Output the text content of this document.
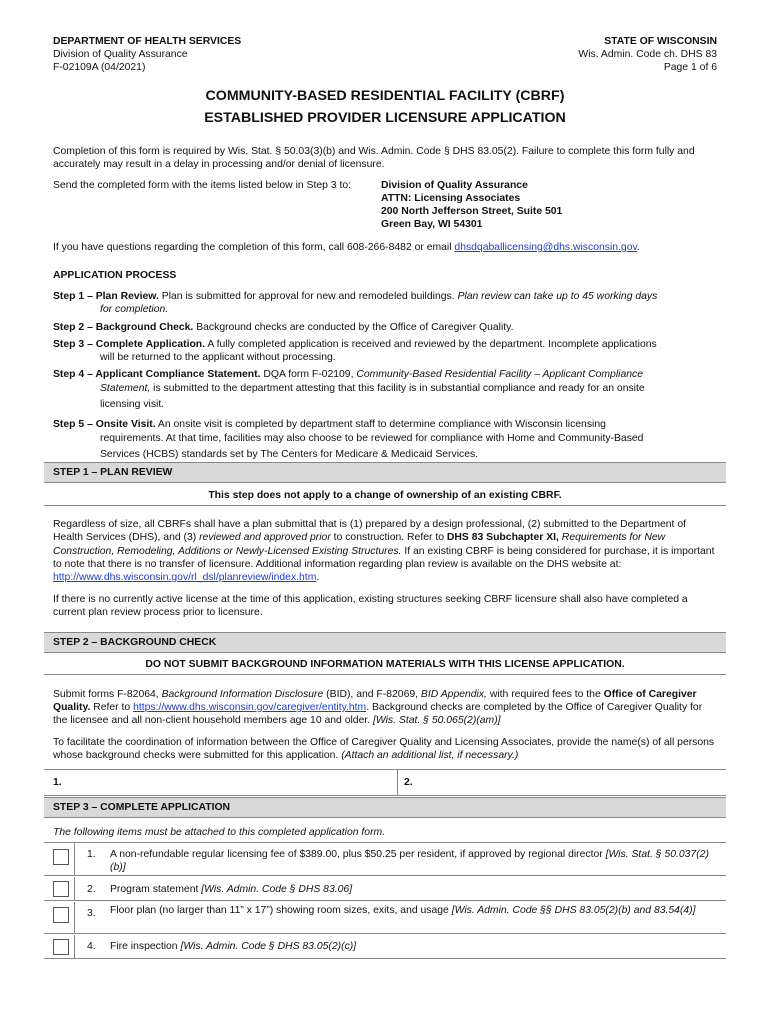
DEPARTMENT OF HEALTH SERVICES
Division of Quality Assurance
F-02109A (04/2021)
STATE OF WISCONSIN
Wis. Admin. Code ch. DHS 83
Page 1 of 6
COMMUNITY-BASED RESIDENTIAL FACILITY (CBRF)
ESTABLISHED PROVIDER LICENSURE APPLICATION
Completion of this form is required by Wis. Stat. § 50.03(3)(b) and Wis. Admin. Code § DHS 83.05(2). Failure to complete this form fully and accurately may result in a delay in processing and/or denial of licensure.
Send the completed form with the items listed below in Step 3 to:	Division of Quality Assurance
ATTN: Licensing Associates
200 North Jefferson Street, Suite 501
Green Bay, WI 54301
If you have questions regarding the completion of this form, call 608-266-8482 or email dhsdqaballicensing@dhs.wisconsin.gov.
APPLICATION PROCESS
Step 1 – Plan Review. Plan is submitted for approval for new and remodeled buildings. Plan review can take up to 45 working days
for completion.
Step 2 – Background Check. Background checks are conducted by the Office of Caregiver Quality.
Step 3 – Complete Application. A fully completed application is received and reviewed by the department. Incomplete applications
will be returned to the applicant without processing.
Step 4 – Applicant Compliance Statement. DQA form F-02109, Community-Based Residential Facility – Applicant Compliance
Statement, is submitted to the department attesting that this facility is in substantial compliance and ready for an onsite
licensing visit.
Step 5 – Onsite Visit. An onsite visit is completed by department staff to determine compliance with Wisconsin licensing
requirements. At that time, facilities may also choose to be reviewed for compliance with Home and Community-Based
Services (HCBS) standards set by The Centers for Medicare & Medicaid Services.
STEP 1 – PLAN REVIEW
This step does not apply to a change of ownership of an existing CBRF.
Regardless of size, all CBRFs shall have a plan submittal that is (1) prepared by a design professional, (2) submitted to the Department of Health Services (DHS), and (3) reviewed and approved prior to construction. Refer to DHS 83 Subchapter XI, Requirements for New Construction, Remodeling, Additions or Newly-Licensed Existing Structures. If an existing CBRF is being considered for purchase, it is important to note that there is no transfer of licensure. Additional information regarding plan review is available on the DHS website at: http://www.dhs.wisconsin.gov/rl_dsl/planreview/index.htm.
If there is no currently active license at the time of this application, existing structures seeking CBRF licensure shall also have completed a current plan review process prior to licensure.
STEP 2 – BACKGROUND CHECK
DO NOT SUBMIT BACKGROUND INFORMATION MATERIALS WITH THIS LICENSE APPLICATION.
Submit forms F-82064, Background Information Disclosure (BID), and F-82069, BID Appendix, with required fees to the Office of Caregiver Quality. Refer to https://www.dhs.wisconsin.gov/caregiver/entity.htm. Background checks are completed by the Office of Caregiver Quality for the licensee and all non-client household members age 10 and older. [Wis. Stat. § 50.065(2)(am)]
To facilitate the coordination of information between the Office of Caregiver Quality and Licensing Associates, provide the name(s) of all persons whose background checks were submitted for this application. (Attach an additional list, if necessary.)
1.	2.
STEP 3 – COMPLETE APPLICATION
The following items must be attached to this completed application form.
1. A non-refundable regular licensing fee of $389.00, plus $50.25 per resident, if approved by regional director [Wis. Stat. § 50.037(2)(b)]
2. Program statement [Wis. Admin. Code § DHS 83.06]
3. Floor plan (no larger than 11” x 17”) showing room sizes, exits, and usage [Wis. Admin. Code §§ DHS 83.05(2)(b) and 83.54(4)]
4. Fire inspection [Wis. Admin. Code § DHS 83.05(2)(c)]
